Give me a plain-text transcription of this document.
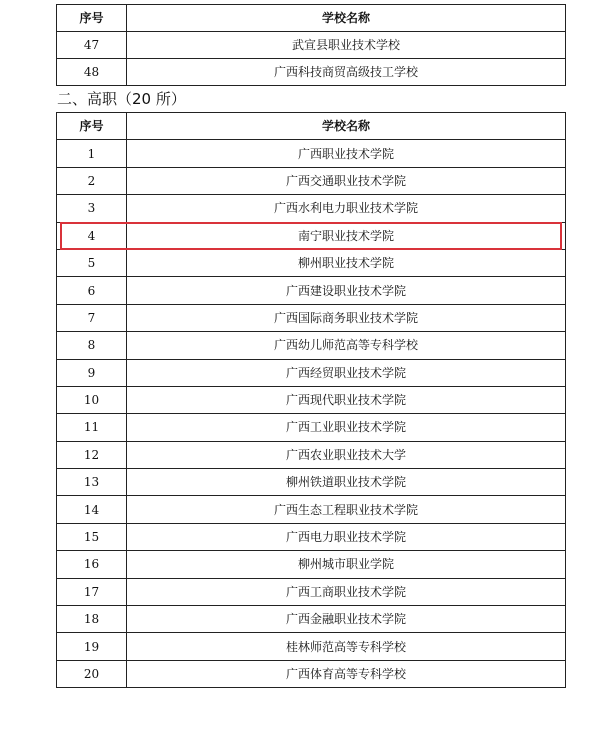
序号	学校名称
47	武宣县职业技术学校
48	广西科技商贸高级技工学校
二、高职（20 所）
序号	学校名称
1	广西职业技术学院
2	广西交通职业技术学院
3	广西水利电力职业技术学院
4	南宁职业技术学院
5	柳州职业技术学院
6	广西建设职业技术学院
7	广西国际商务职业技术学院
8	广西幼儿师范高等专科学校
9	广西经贸职业技术学院
10	广西现代职业技术学院
11	广西工业职业技术学院
12	广西农业职业技术大学
13	柳州铁道职业技术学院
14	广西生态工程职业技术学院
15	广西电力职业技术学院
16	柳州城市职业学院
17	广西工商职业技术学院
18	广西金融职业技术学院
19	桂林师范高等专科学校
20	广西体育高等专科学校
